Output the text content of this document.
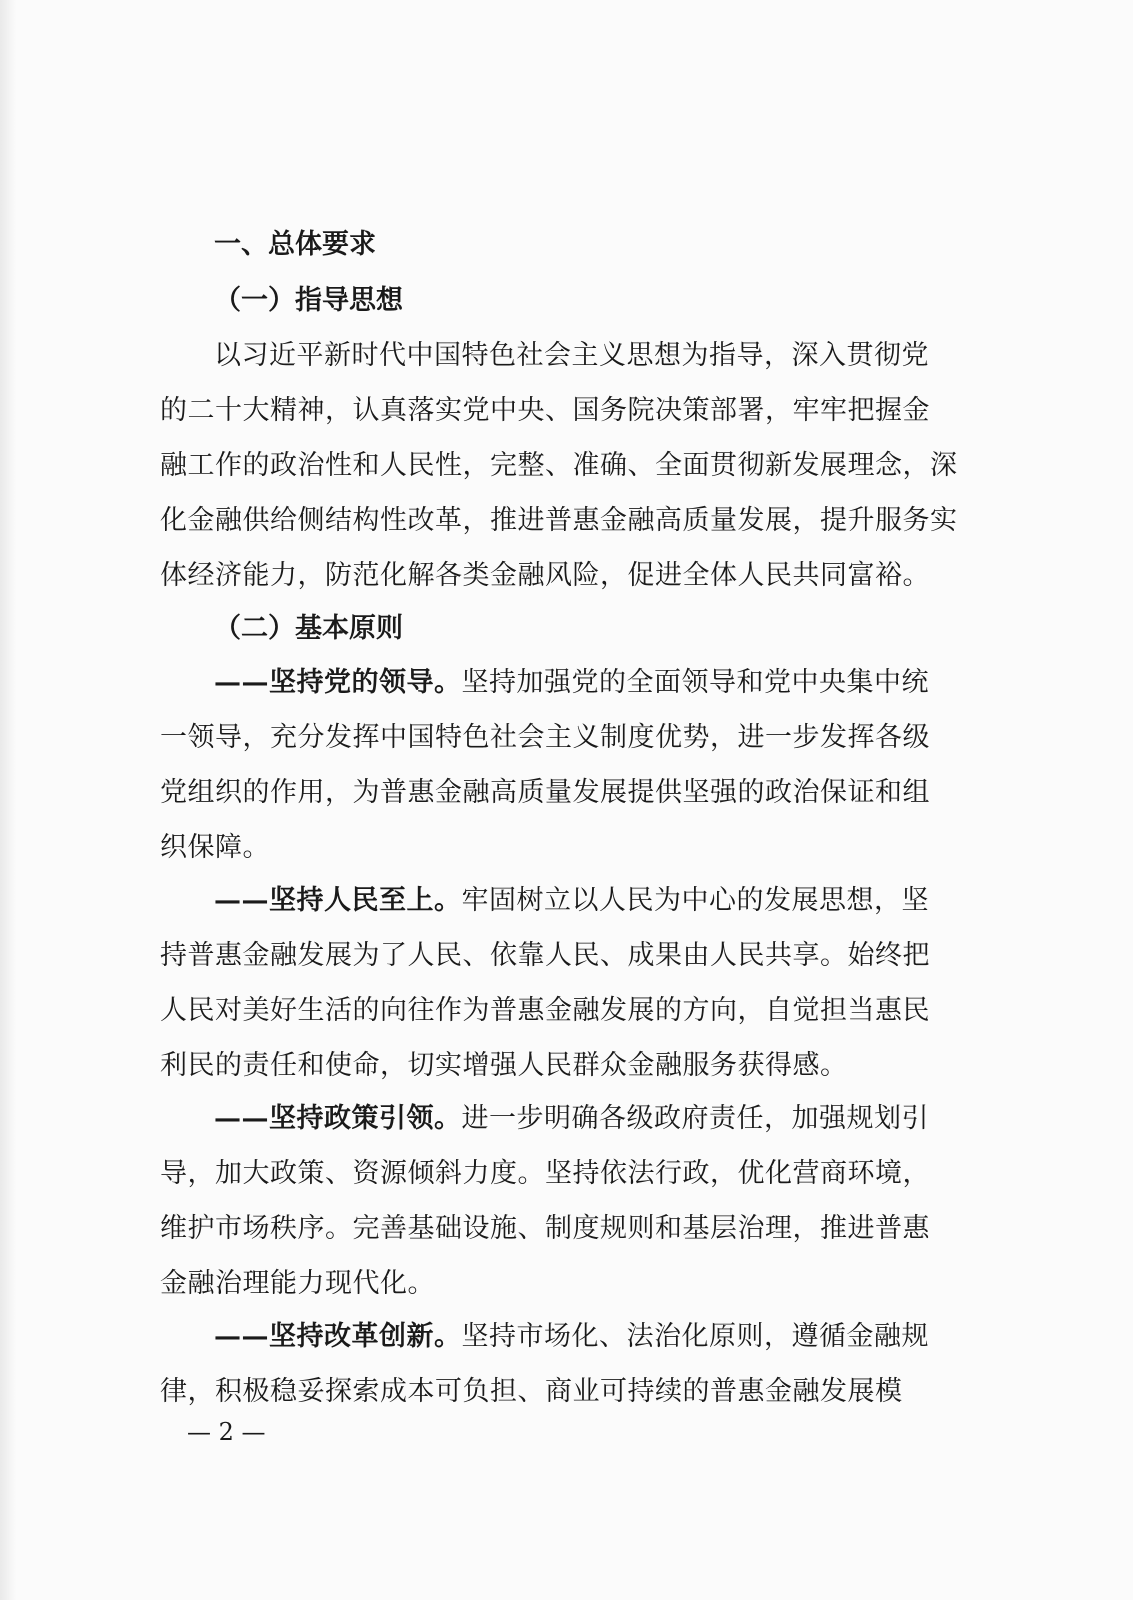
一、总体要求
（一）指导思想
以习近平新时代中国特色社会主义思想为指导，深入贯彻党
的二十大精神，认真落实党中央、国务院决策部署，牢牢把握金
融工作的政治性和人民性，完整、准确、全面贯彻新发展理念，深
化金融供给侧结构性改革，推进普惠金融高质量发展，提升服务实
体经济能力，防范化解各类金融风险，促进全体人民共同富裕。
（二）基本原则
——坚持党的领导。坚持加强党的全面领导和党中央集中统
一领导，充分发挥中国特色社会主义制度优势，进一步发挥各级
党组织的作用，为普惠金融高质量发展提供坚强的政治保证和组
织保障。
——坚持人民至上。牢固树立以人民为中心的发展思想，坚
持普惠金融发展为了人民、依靠人民、成果由人民共享。始终把
人民对美好生活的向往作为普惠金融发展的方向，自觉担当惠民
利民的责任和使命，切实增强人民群众金融服务获得感。
——坚持政策引领。进一步明确各级政府责任，加强规划引
导，加大政策、资源倾斜力度。坚持依法行政，优化营商环境，
维护市场秩序。完善基础设施、制度规则和基层治理，推进普惠
金融治理能力现代化。
——坚持改革创新。坚持市场化、法治化原则，遵循金融规
律，积极稳妥探索成本可负担、商业可持续的普惠金融发展模
— 2 —
